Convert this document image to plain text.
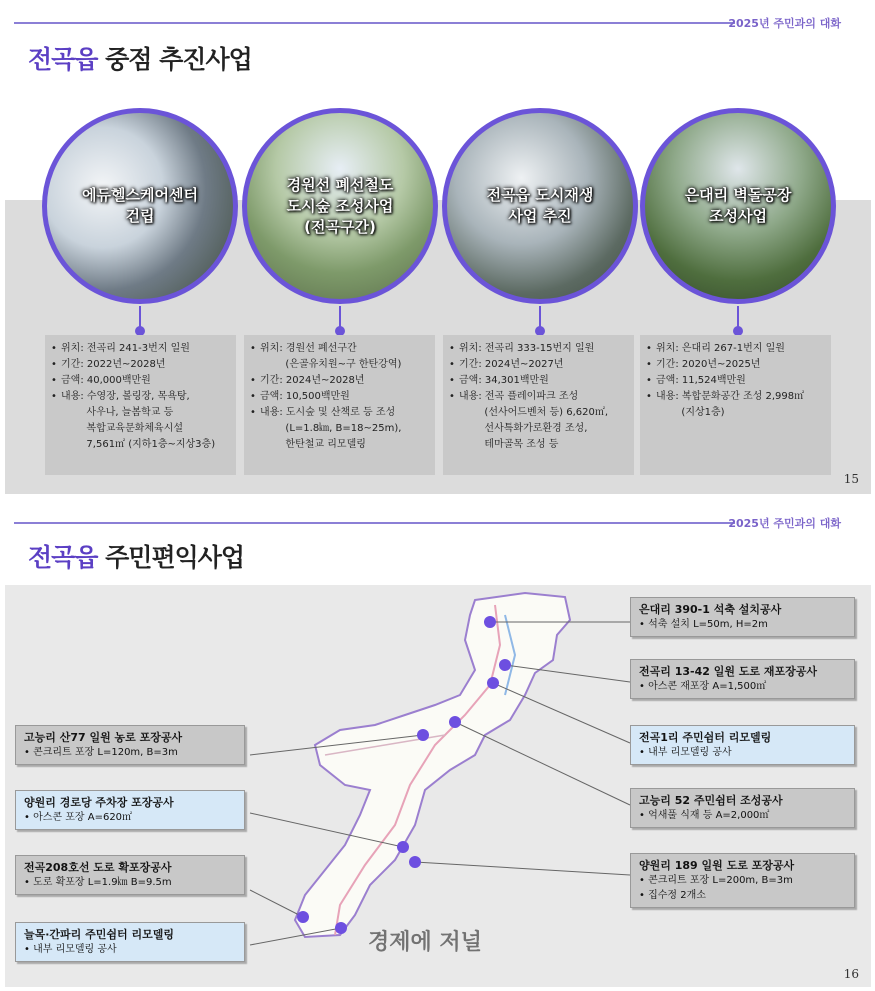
2025년 주민과의 대화
전곡읍 중점 추진사업
에듀헬스케어센터
건립
경원선 폐선철도
도시숲 조성사업
(전곡구간)
전곡읍 도시재생
사업 추진
은대리 벽돌공장
조성사업
• 위치: 전곡리 241-3번지 일원
• 기간: 2022년~2028년
• 금액: 40,000백만원
• 내용: 수영장, 볼링장, 목욕탕,
사우나, 늘봄학교 등
복합교육문화체육시설
7,561㎡ (지하1층~지상3층)
• 위치: 경원선 폐선구간
(은골유치원~구 한탄강역)
• 기간: 2024년~2028년
• 금액: 10,500백만원
• 내용: 도시숲 및 산책로 등 조성
(L=1.8㎞, B=18~25m),
한탄철교 리모델링
• 위치: 전곡리 333-15번지 일원
• 기간: 2024년~2027년
• 금액: 34,301백만원
• 내용: 전곡 플레이파크 조성
(선사어드벤처 등) 6,620㎡,
선사특화가로환경 조성,
테마골목 조성 등
• 위치: 은대리 267-1번지 일원
• 기간: 2020년~2025년
• 금액: 11,524백만원
• 내용: 복합문화공간 조성 2,998㎡
(지상1층)
15
2025년 주민과의 대화
전곡읍 주민편익사업
고능리 산77 일원 농로 포장공사
• 콘크리트 포장 L=120m, B=3m
양원리 경로당 주차장 포장공사
• 아스콘 포장 A=620㎡
전곡208호선 도로 확포장공사
• 도로 확포장 L=1.9㎞ B=9.5m
늘목·간파리 주민쉼터 리모델링
• 내부 리모델링 공사
은대리 390-1 석축 설치공사
• 석축 설치 L=50m, H=2m
전곡리 13-42 일원 도로 재포장공사
• 아스콘 재포장 A=1,500㎡
전곡1리 주민쉼터 리모델링
• 내부 리모델링 공사
고능리 52 주민쉼터 조성공사
• 억새풀 식재 등 A=2,000㎡
양원리 189 일원 도로 포장공사
• 콘크리트 포장 L=200m, B=3m
• 집수정 2개소
경제에 저널
16
